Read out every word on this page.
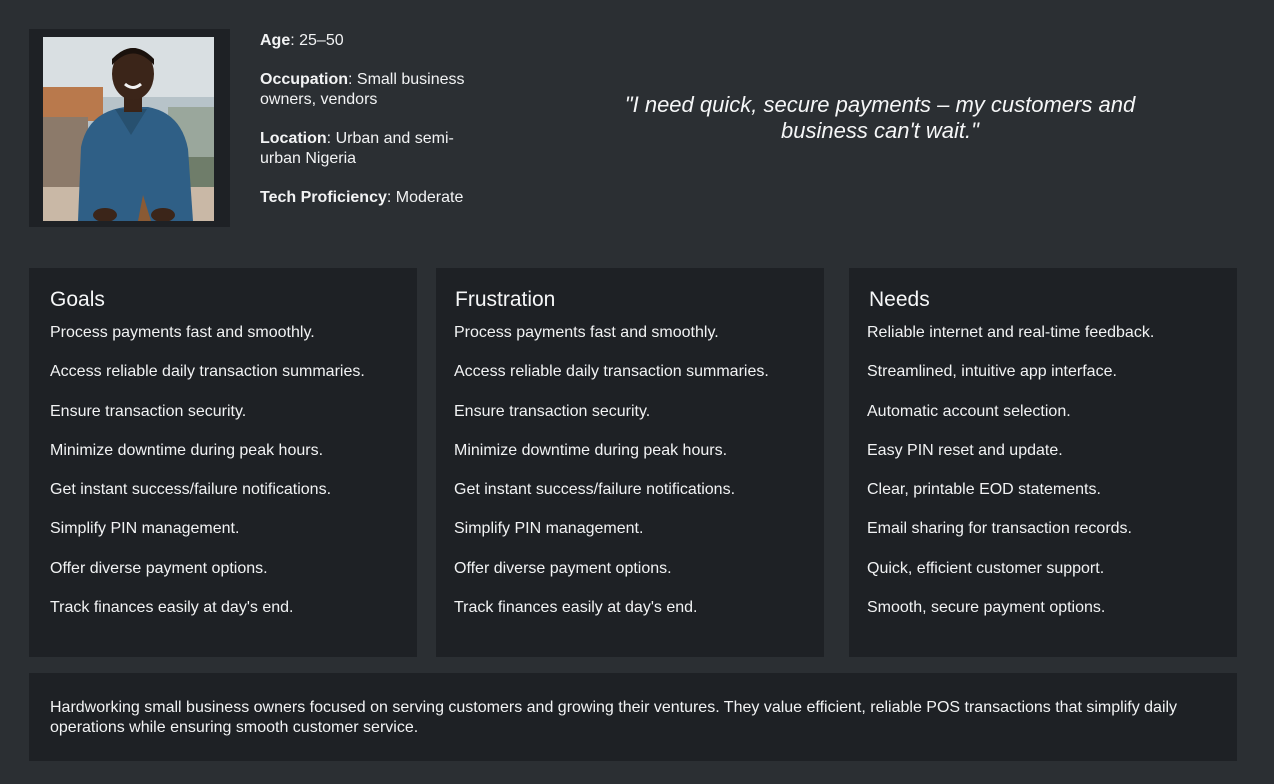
Age: 25–50
Occupation: Small business owners, vendors
Location: Urban and semi-urban Nigeria
Tech Proficiency: Moderate
"I need quick, secure payments – my customers and business can't wait."
Goals
Process payments fast and smoothly.
Access reliable daily transaction summaries.
Ensure transaction security.
Minimize downtime during peak hours.
Get instant success/failure notifications.
Simplify PIN management.
Offer diverse payment options.
Track finances easily at day's end.
Frustration
Process payments fast and smoothly.
Access reliable daily transaction summaries.
Ensure transaction security.
Minimize downtime during peak hours.
Get instant success/failure notifications.
Simplify PIN management.
Offer diverse payment options.
Track finances easily at day's end.
Needs
Reliable internet and real-time feedback.
Streamlined, intuitive app interface.
Automatic account selection.
Easy PIN reset and update.
Clear, printable EOD statements.
Email sharing for transaction records.
Quick, efficient customer support.
Smooth, secure payment options.

Hardworking small business owners focused on serving customers and growing their ventures. They value efficient, reliable POS transactions that simplify daily operations while ensuring smooth customer service.
